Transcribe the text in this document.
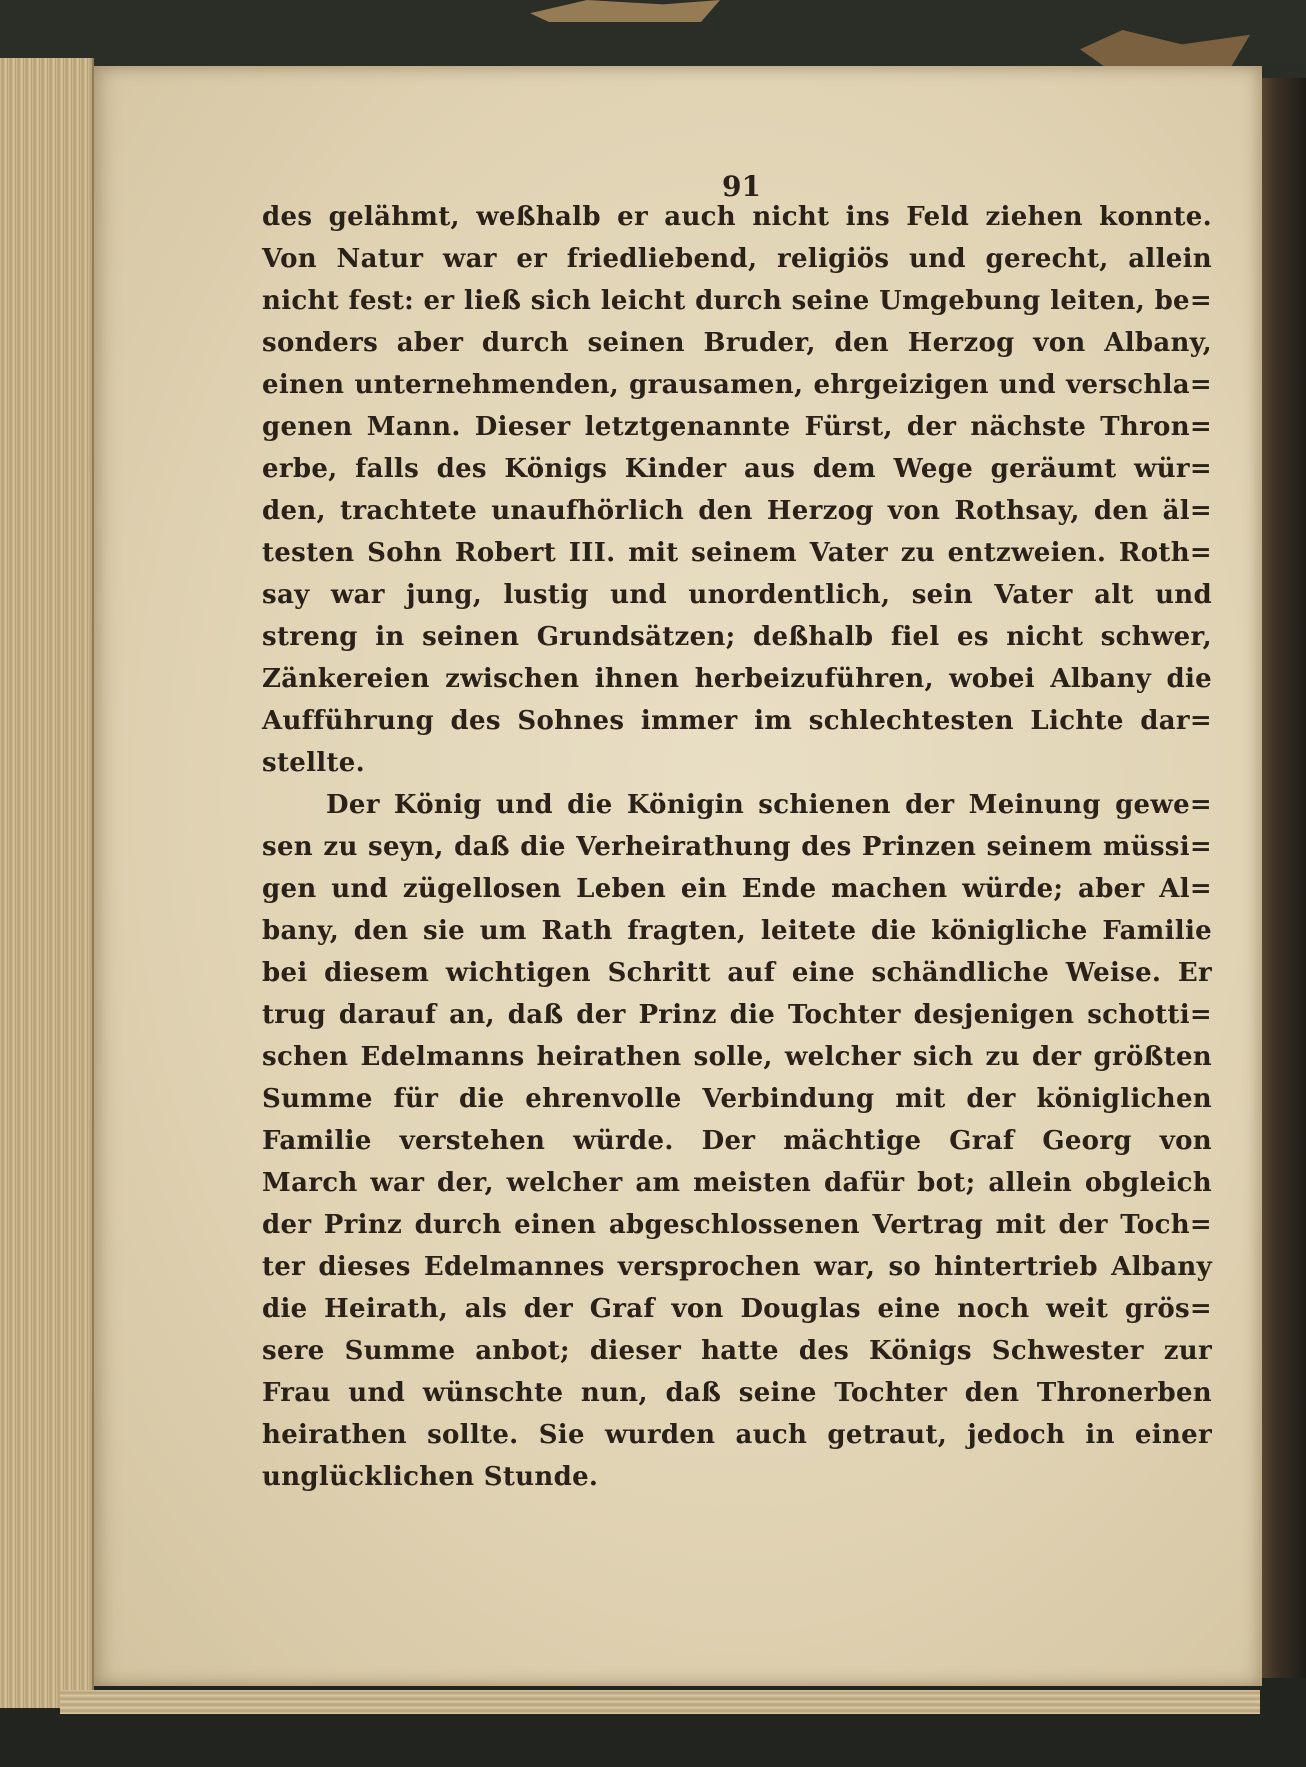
91
des gelähmt, weßhalb er auch nicht ins Feld ziehen konnte.
Von Natur war er friedliebend, religiös und gerecht, allein
nicht fest: er ließ sich leicht durch seine Umgebung leiten, be=
sonders aber durch seinen Bruder, den Herzog von Albany,
einen unternehmenden, grausamen, ehrgeizigen und verschla=
genen Mann. Dieser letztgenannte Fürst, der nächste Thron=
erbe, falls des Königs Kinder aus dem Wege geräumt wür=
den, trachtete unaufhörlich den Herzog von Rothsay, den äl=
testen Sohn Robert III. mit seinem Vater zu entzweien. Roth=
say war jung, lustig und unordentlich, sein Vater alt und
streng in seinen Grundsätzen; deßhalb fiel es nicht schwer,
Zänkereien zwischen ihnen herbeizuführen, wobei Albany die
Aufführung des Sohnes immer im schlechtesten Lichte dar=
stellte.
Der König und die Königin schienen der Meinung gewe=
sen zu seyn, daß die Verheirathung des Prinzen seinem müssi=
gen und zügellosen Leben ein Ende machen würde; aber Al=
bany, den sie um Rath fragten, leitete die königliche Familie
bei diesem wichtigen Schritt auf eine schändliche Weise. Er
trug darauf an, daß der Prinz die Tochter desjenigen schotti=
schen Edelmanns heirathen solle, welcher sich zu der größten
Summe für die ehrenvolle Verbindung mit der königlichen
Familie verstehen würde. Der mächtige Graf Georg von
March war der, welcher am meisten dafür bot; allein obgleich
der Prinz durch einen abgeschlossenen Vertrag mit der Toch=
ter dieses Edelmannes versprochen war, so hintertrieb Albany
die Heirath, als der Graf von Douglas eine noch weit grös=
sere Summe anbot; dieser hatte des Königs Schwester zur
Frau und wünschte nun, daß seine Tochter den Thronerben
heirathen sollte. Sie wurden auch getraut, jedoch in einer
unglücklichen Stunde.
